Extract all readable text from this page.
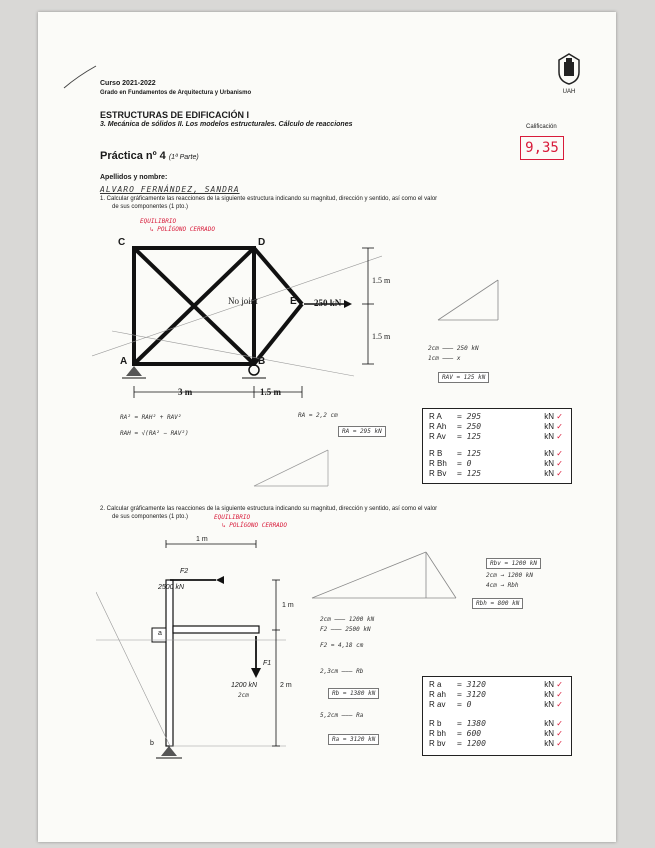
UAH
Curso 2021-2022
Grado en Fundamentos de Arquitectura y Urbanismo
ESTRUCTURAS DE EDIFICACIÓN I
3. Mecánica de sólidos II. Los modelos estructurales. Cálculo de reacciones	Calificación
9,35
Práctica nº 4 (1ª Parte)
Apellidos y nombre:
ALVARO FERNÁNDEZ, SANDRA
1. Calcular gráficamente las reacciones de la siguiente estructura indicando su magnitud, dirección y sentido, así como el valor
de sus componentes (1 pto.)
EQUILIBRIO
↳ POLÍGONO CERRADO
C	D
E
A	B
No joint	250 kN
1.5 m
1.5 m
3 m	1.5 m
2cm ——— 250 kN
1cm ——— x
RAV = 125 kN
RA² = RAH² + RAV²
RAH = √(RA² − RAV²)
RA = 2,2 cm
RA = 295 kN
R A = 295	kN ✓
R Ah = 250	kN ✓
R Av = 125	kN ✓
R B = 125	kN ✓
R Bh = 0	kN ✓
R Bv = 125	kN ✓
2. Calcular gráficamente las reacciones de la siguiente estructura indicando su magnitud, dirección y sentido, así como el valor
de sus componentes (1 pto.)	EQUILIBRIO
↳ POLÍGONO CERRADO
1 m
F2
2500 kN
1 m
F1
1200 kN
2cm
2 m
a
b
Rbv = 1200 kN
2cm → 1200 kN
4cm → Rbh
Rbh = 800 kN
2cm ——— 1200 kN
F2 ——— 2500 kN
F2 = 4,18 cm
2,3cm ——— Rb
Rb = 1380 kN
5,2cm ——— Ra
Ra = 3120 kN
R a = 3120	kN ✓
R ah = 3120	kN ✓
R av = 0	kN ✓
R b = 1380	kN ✓
R bh = 600	kN ✓
R bv = 1200	kN ✓
